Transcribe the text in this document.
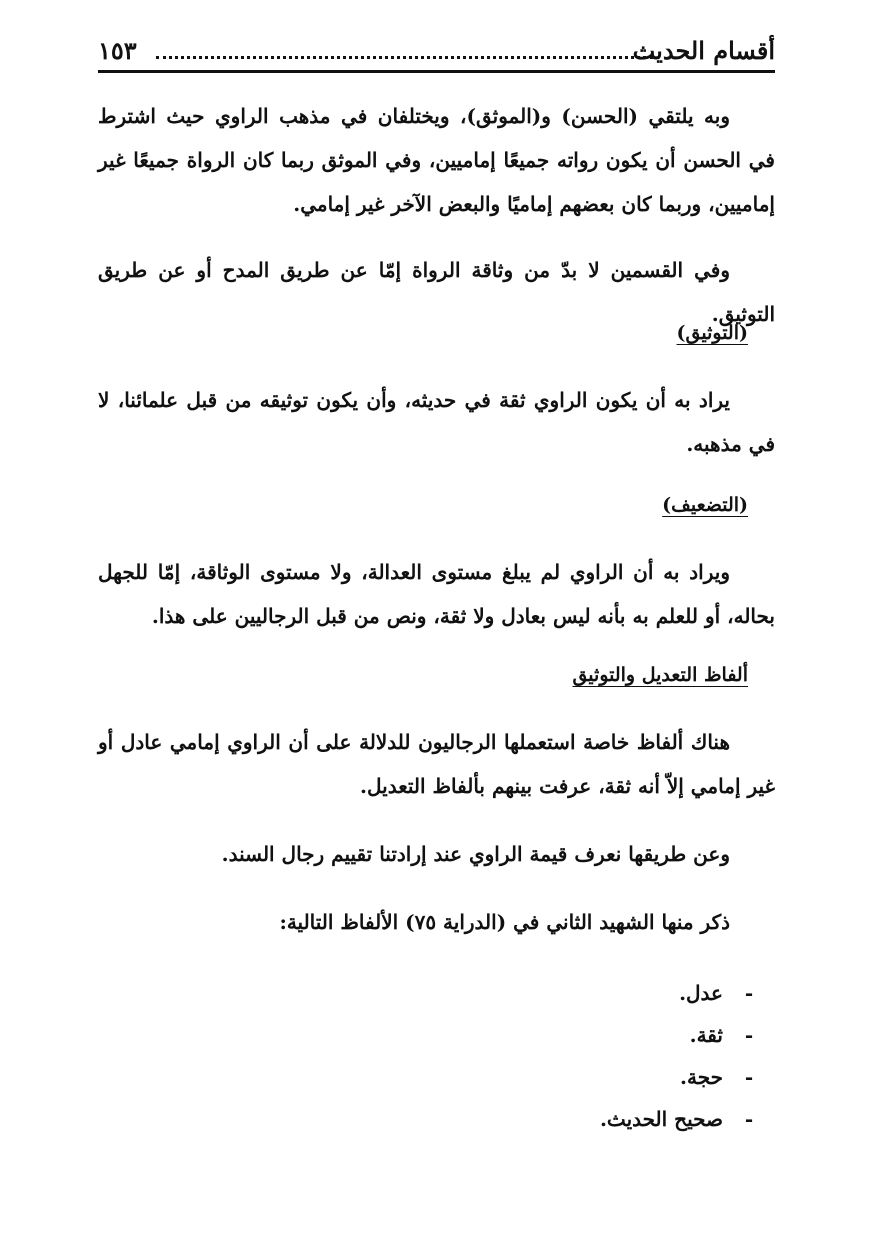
أقسام الحديث
١٥٣

وبه يلتقي (الحسن) و(الموثق)، ويختلفان في مذهب الراوي حيث اشترط في الحسن أن يكون رواته جميعًا إماميين، وفي الموثق ربما كان الرواة جميعًا غير إماميين، وربما كان بعضهم إماميًا والبعض الآخر غير إمامي.

وفي القسمين لا بدّ من وثاقة الرواة إمّا عن طريق المدح أو عن طريق التوثيق.

(التوثيق)

يراد به أن يكون الراوي ثقة في حديثه، وأن يكون توثيقه من قبل علمائنا، لا في مذهبه.

(التضعيف)

ويراد به أن الراوي لم يبلغ مستوى العدالة، ولا مستوى الوثاقة، إمّا للجهل بحاله، أو للعلم به بأنه ليس بعادل ولا ثقة، ونص من قبل الرجاليين على هذا.

ألفاظ التعديل والتوثيق

هناك ألفاظ خاصة استعملها الرجاليون للدلالة على أن الراوي إمامي عادل أو غير إمامي إلاّ أنه ثقة، عرفت بينهم بألفاظ التعديل.

وعن طريقها نعرف قيمة الراوي عند إرادتنا تقييم رجال السند.

ذكر منها الشهيد الثاني في (الدراية ٧٥) الألفاظ التالية:

-عدل.
-ثقة.
-حجة.
-صحيح الحديث.
